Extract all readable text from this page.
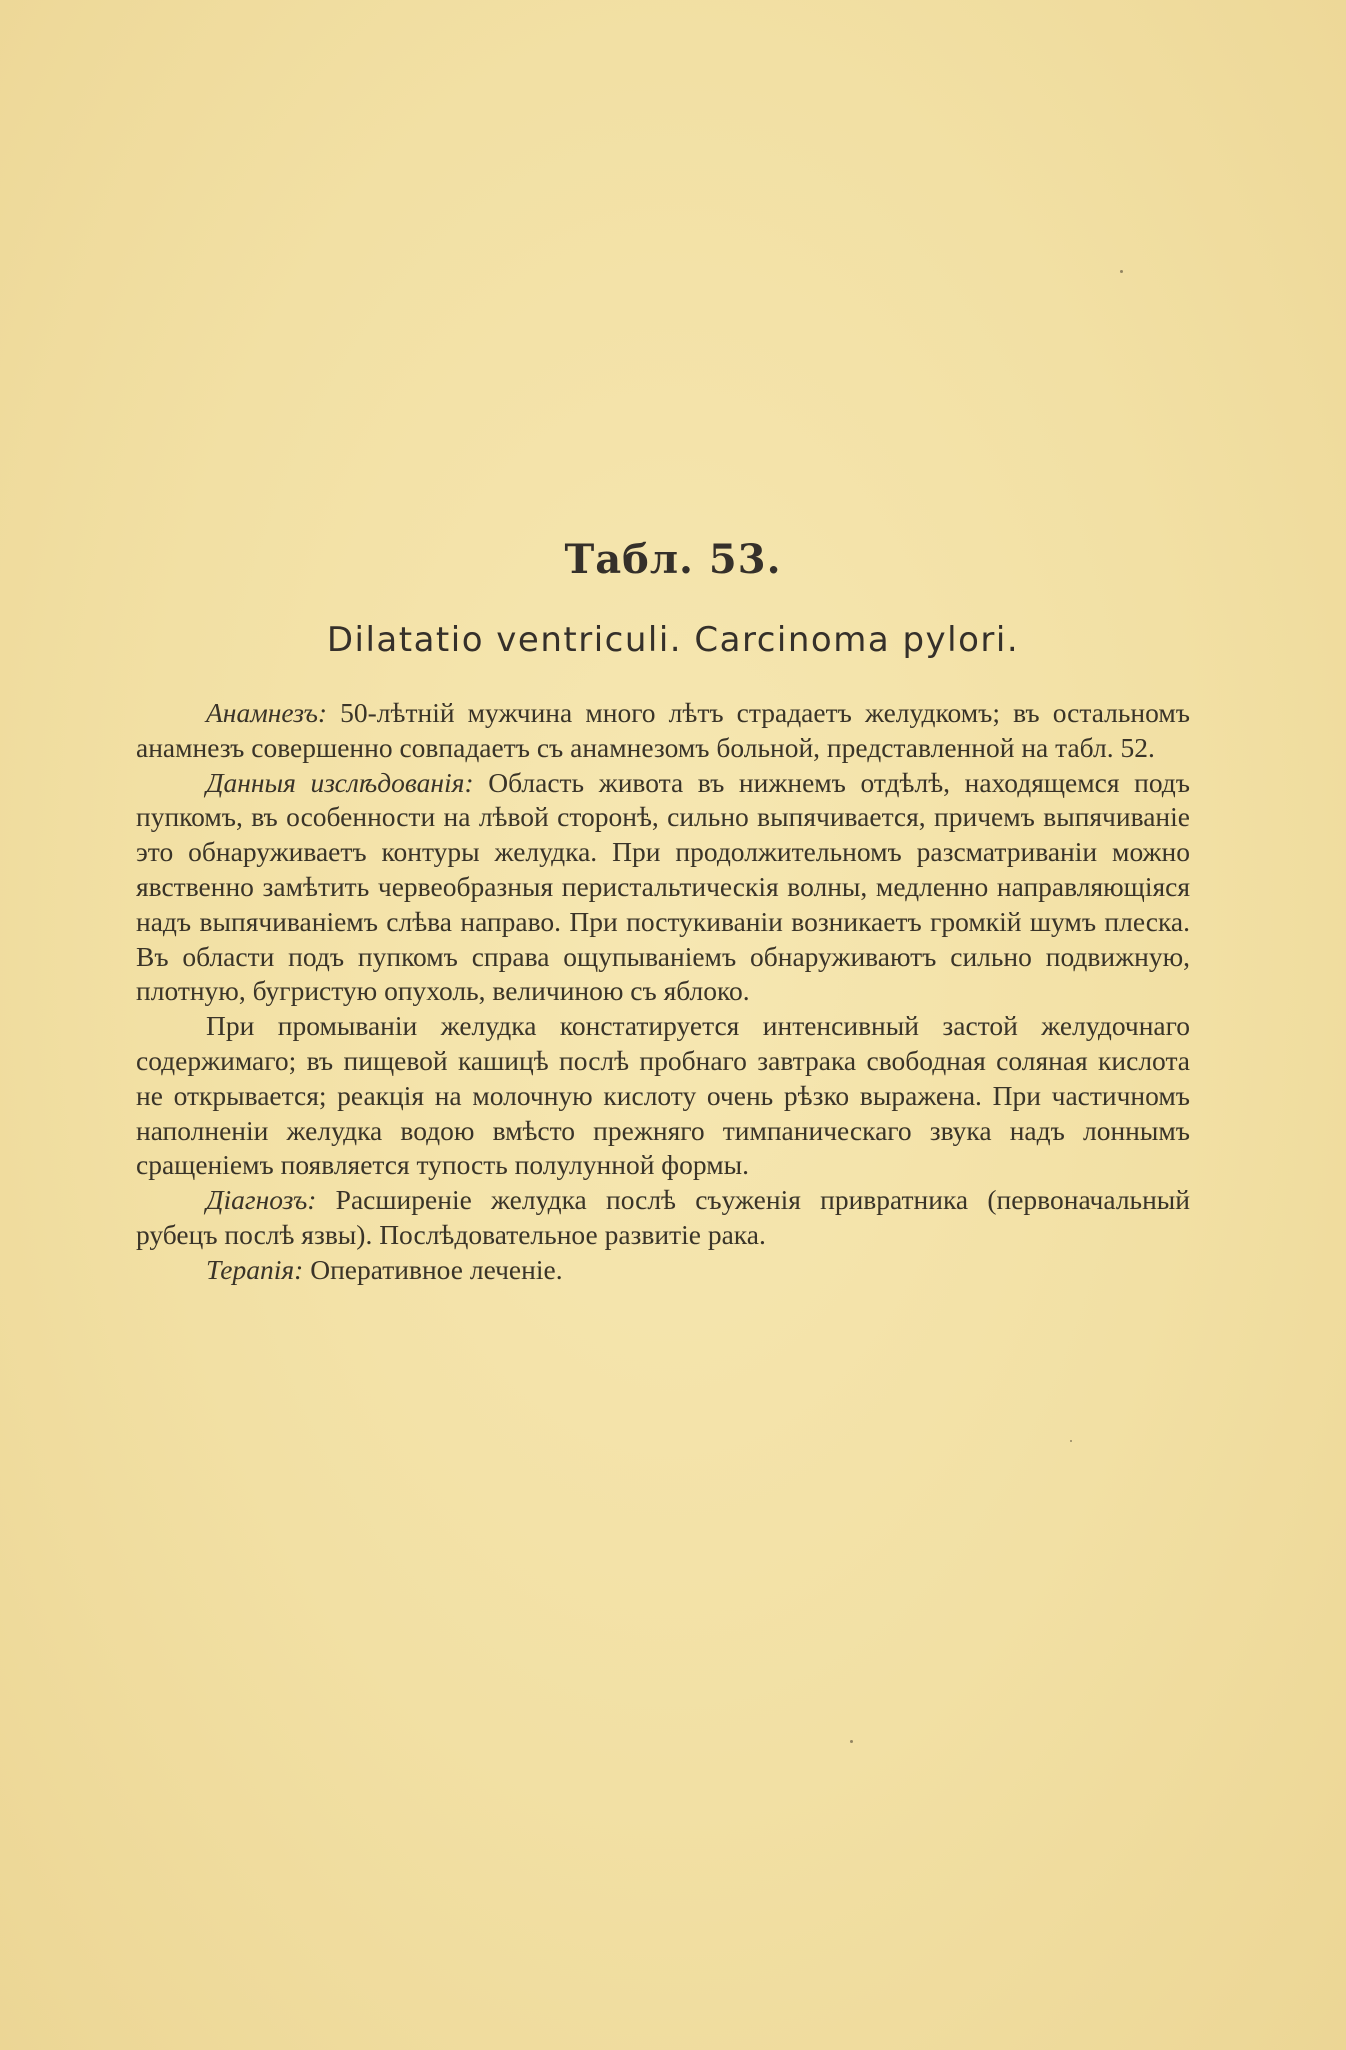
Табл. 53.
Dilatatio ventriculi. Carcinoma pylori.

Анамнезъ: 50-лѣтній мужчина много лѣтъ страдаетъ желудкомъ; въ остальномъ анамнезъ совершенно совпадаетъ съ анамнезомъ больной, представленной на табл. 52.

Данныя изслѣдованія: Область живота въ нижнемъ отдѣлѣ, находящемся подъ пупкомъ, въ особенности на лѣвой сторонѣ, сильно выпячивается, причемъ выпячиваніе это обнаруживаетъ контуры желудка. При продолжительномъ разсматриваніи можно явственно замѣтить червеобразныя перистальтическія волны, медленно направляющіяся надъ выпячиваніемъ слѣва направо. При постукиваніи возникаетъ громкій шумъ плеска. Въ области подъ пупкомъ справа ощупываніемъ обнаруживаютъ сильно подвижную, плотную, бугристую опухоль, величиною съ яблоко.

При промываніи желудка констатируется интенсивный застой желудочнаго содержимаго; въ пищевой кашицѣ послѣ пробнаго завтрака свободная соляная кислота не открывается; реакція на молочную кислоту очень рѣзко выражена. При частичномъ наполненіи желудка водою вмѣсто прежняго тимпаническаго звука надъ лоннымъ сращеніемъ появляется тупость полулунной формы.

Діагнозъ: Расширеніе желудка послѣ съуженія привратника (первоначальный рубецъ послѣ язвы). Послѣдовательное развитіе рака.

Терапія: Оперативное леченіе.
